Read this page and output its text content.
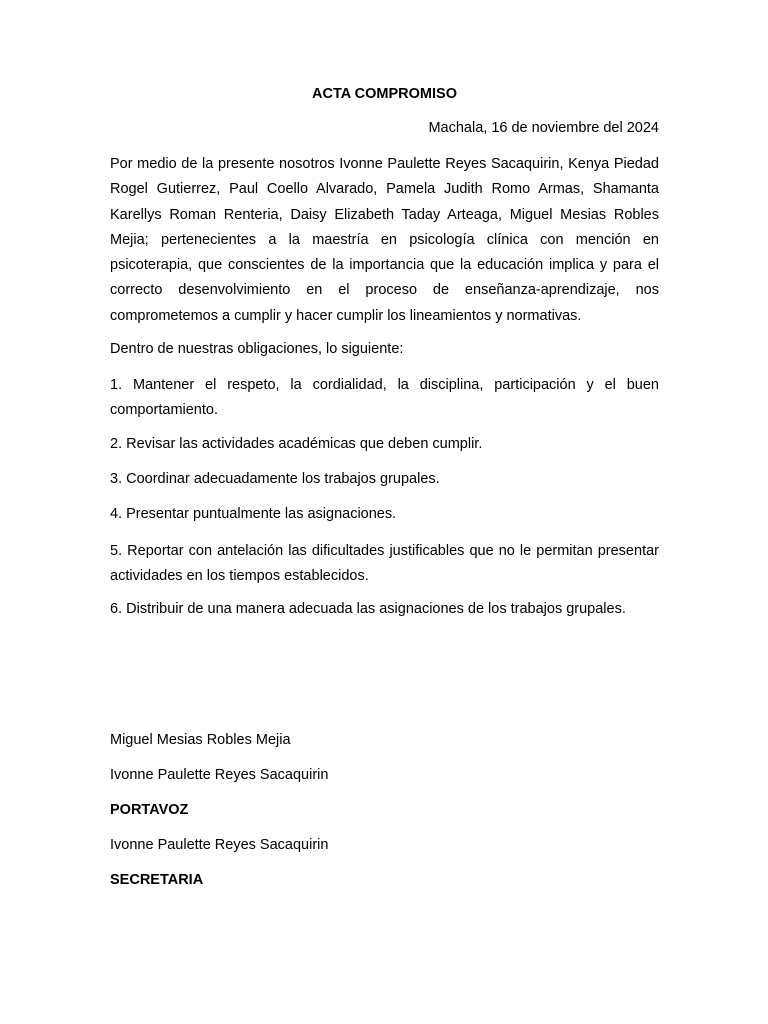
ACTA COMPROMISO
Machala, 16 de noviembre del 2024

Por medio de la presente nosotros Ivonne Paulette Reyes Sacaquirin, Kenya Piedad Rogel Gutierrez, Paul Coello Alvarado, Pamela Judith Romo Armas, Shamanta Karellys Roman Renteria, Daisy Elizabeth Taday Arteaga, Miguel Mesias Robles Mejia; pertenecientes a la maestría en psicología clínica con mención en psicoterapia, que conscientes de la importancia que la educación implica y para el correcto desenvolvimiento en el proceso de enseñanza-aprendizaje, nos comprometemos a cumplir y hacer cumplir los lineamientos y normativas.

Dentro de nuestras obligaciones, lo siguiente:

1. Mantener el respeto, la cordialidad, la disciplina, participación y el buen comportamiento.

2. Revisar las actividades académicas que deben cumplir.

3. Coordinar adecuadamente los trabajos grupales.

4. Presentar puntualmente las asignaciones.

5. Reportar con antelación las dificultades justificables que no le permitan presentar actividades en los tiempos establecidos.

6. Distribuir de una manera adecuada las asignaciones de los trabajos grupales.

Miguel Mesias Robles Mejia
Ivonne Paulette Reyes Sacaquirin
PORTAVOZ
Ivonne Paulette Reyes Sacaquirin
SECRETARIA
